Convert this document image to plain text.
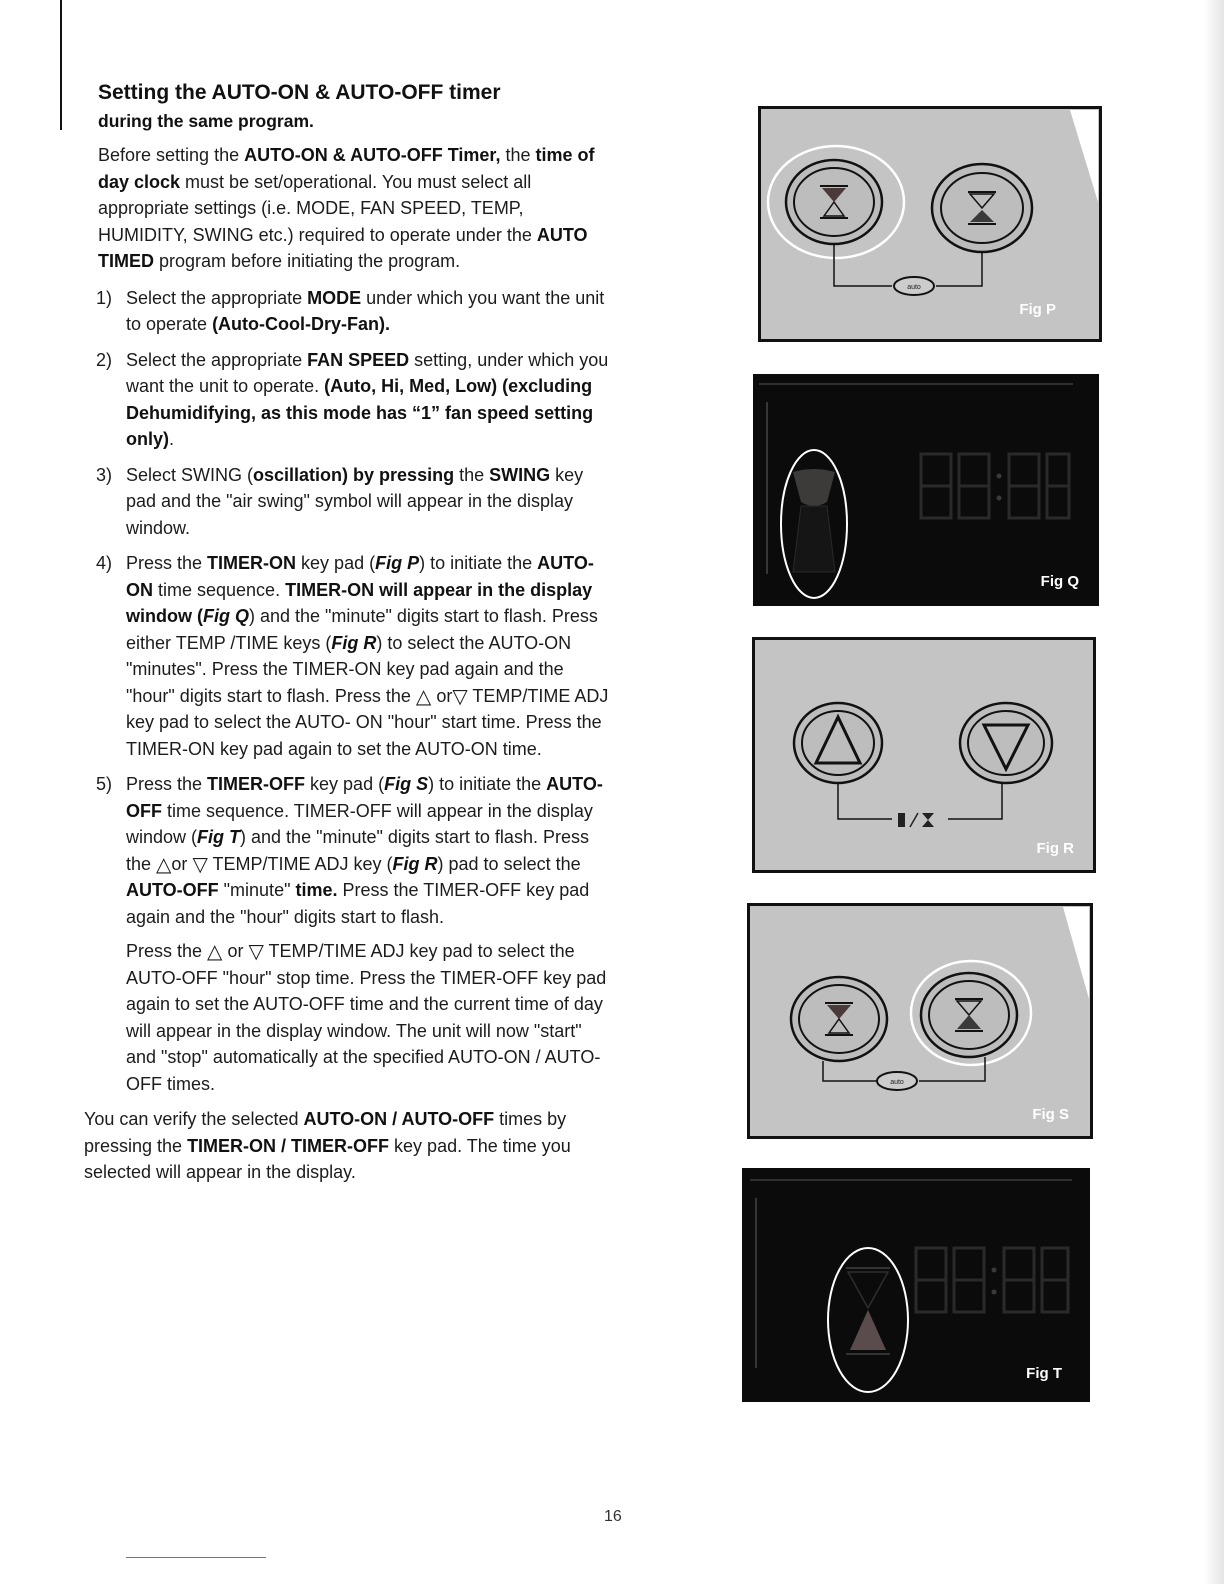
Setting the AUTO-ON & AUTO-OFF timer

during the same program.

Before setting the AUTO-ON & AUTO-OFF Timer, the time of day clock must be set/operational. You must select all appropriate settings (i.e. MODE, FAN SPEED, TEMP, HUMIDITY, SWING etc.) required to operate under the AUTO TIMED program before initiating the program.

1) Select the appropriate MODE under which you want the unit to operate (Auto-Cool-Dry-Fan).

2) Select the appropriate FAN SPEED setting, under which you want the unit to operate. (Auto, Hi, Med, Low) (excluding Dehumidifying, as this mode has “1” fan speed setting only).

3) Select SWING (oscillation) by pressing the SWING key pad and the "air swing" symbol will appear in the display window.

4) Press the TIMER-ON key pad (Fig P) to initiate the AUTO-ON time sequence. TIMER-ON will appear in the display window (Fig Q) and the "minute" digits start to flash. Press either TEMP /TIME keys (Fig R) to select the AUTO-ON "minutes". Press the TIMER-ON key pad again and the "hour" digits start to flash. Press the △ or▽ TEMP/TIME ADJ key pad to select the AUTO- ON "hour" start time. Press the TIMER-ON key pad again to set the AUTO-ON time.

5) Press the TIMER-OFF key pad (Fig S) to initiate the AUTO-OFF time sequence. TIMER-OFF will appear in the display window (Fig T) and the "minute" digits start to flash. Press the △or ▽ TEMP/TIME ADJ key (Fig R) pad to select the AUTO-OFF "minute" time. Press the TIMER-OFF key pad again and the "hour" digits start to flash.

Press the △ or ▽ TEMP/TIME ADJ key pad to select the AUTO-OFF "hour" stop time. Press the TIMER-OFF key pad again to set the AUTO-OFF time and the current time of day will appear in the display window. The unit will now "start" and "stop" automatically at the specified AUTO-ON / AUTO-OFF times.

You can verify the selected AUTO-ON / AUTO-OFF times by pressing the TIMER-ON / TIMER-OFF key pad. The time you selected will appear in the display.

auto
Fig P
88:88
Fig Q
Fig R
auto
Fig S
88:88
Fig T
16
